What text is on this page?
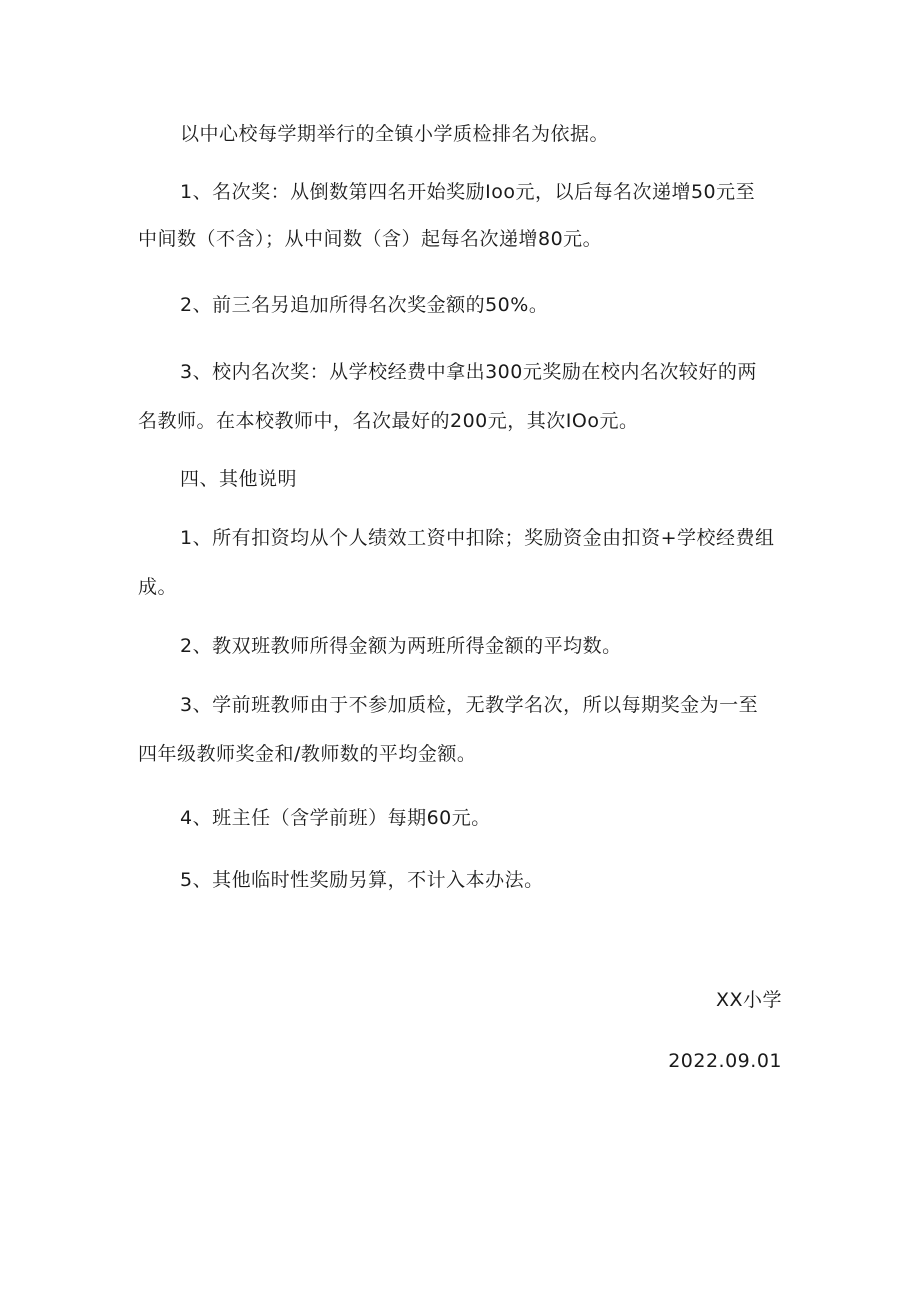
以中心校每学期举行的全镇小学质检排名为依据。
1、名次奖：从倒数第四名开始奖励Ioo元，以后每名次递增50元至
中间数（不含）；从中间数（含）起每名次递增80元。
2、前三名另追加所得名次奖金额的50%。
3、校内名次奖：从学校经费中拿出300元奖励在校内名次较好的两
名教师。在本校教师中，名次最好的200元，其次IOo元。
四、其他说明
1、所有扣资均从个人绩效工资中扣除；奖励资金由扣资+学校经费组
成。
2、教双班教师所得金额为两班所得金额的平均数。
3、学前班教师由于不参加质检，无教学名次，所以每期奖金为一至
四年级教师奖金和/教师数的平均金额。
4、班主任（含学前班）每期60元。
5、其他临时性奖励另算，不计入本办法。
XX小学
2022.09.01
